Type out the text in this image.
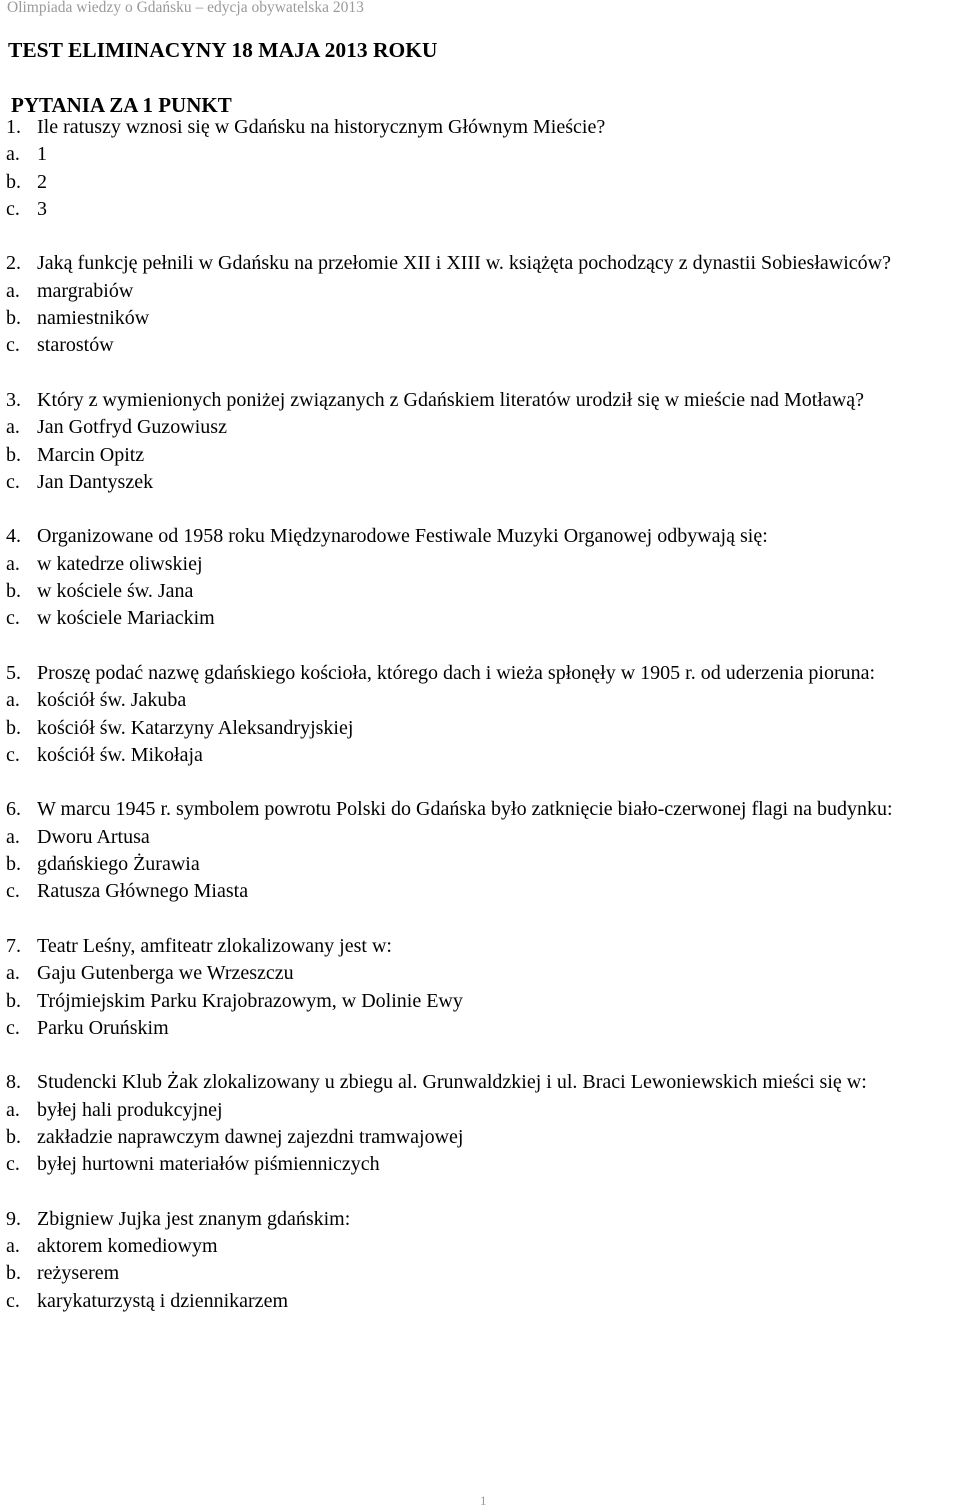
Olimpiada wiedzy o Gdańsku – edycja obywatelska 2013
TEST ELIMINACYNY 18 MAJA 2013 ROKU
PYTANIA ZA 1 PUNKT
1. Ile ratuszy wznosi się w Gdańsku na historycznym Głównym Mieście?
a. 1
b. 2
c. 3
2. Jaką funkcję pełnili w Gdańsku na przełomie XII i XIII w. książęta pochodzący z dynastii Sobiesławiców?
a. margrabiów
b. namiestników
c. starostów
3. Który z wymienionych poniżej związanych z Gdańskiem literatów urodził się w mieście nad Motławą?
a. Jan Gotfryd Guzowiusz
b. Marcin Opitz
c. Jan Dantyszek
4. Organizowane od 1958 roku Międzynarodowe Festiwale Muzyki Organowej odbywają się:
a. w katedrze oliwskiej
b. w kościele św. Jana
c. w kościele Mariackim
5. Proszę podać nazwę gdańskiego kościoła, którego dach i wieża spłonęły w 1905 r. od uderzenia pioruna:
a. kościół św. Jakuba
b. kościół św. Katarzyny Aleksandryjskiej
c. kościół św. Mikołaja
6. W marcu 1945 r. symbolem powrotu Polski do Gdańska było zatknięcie biało-czerwonej flagi na budynku:
a. Dworu Artusa
b. gdańskiego Żurawia
c. Ratusza Głównego Miasta
7. Teatr Leśny, amfiteatr zlokalizowany jest w:
a. Gaju Gutenberga we Wrzeszczu
b. Trójmiejskim Parku Krajobrazowym, w Dolinie Ewy
c. Parku Oruńskim
8. Studencki Klub Żak zlokalizowany u zbiegu al. Grunwaldzkiej i ul. Braci Lewoniewskich mieści się w:
a. byłej hali produkcyjnej
b. zakładzie naprawczym dawnej zajezdni tramwajowej
c. byłej hurtowni materiałów piśmienniczych
9. Zbigniew Jujka jest znanym gdańskim:
a. aktorem komediowym
b. reżyserem
c. karykaturzystą i dziennikarzem
1
